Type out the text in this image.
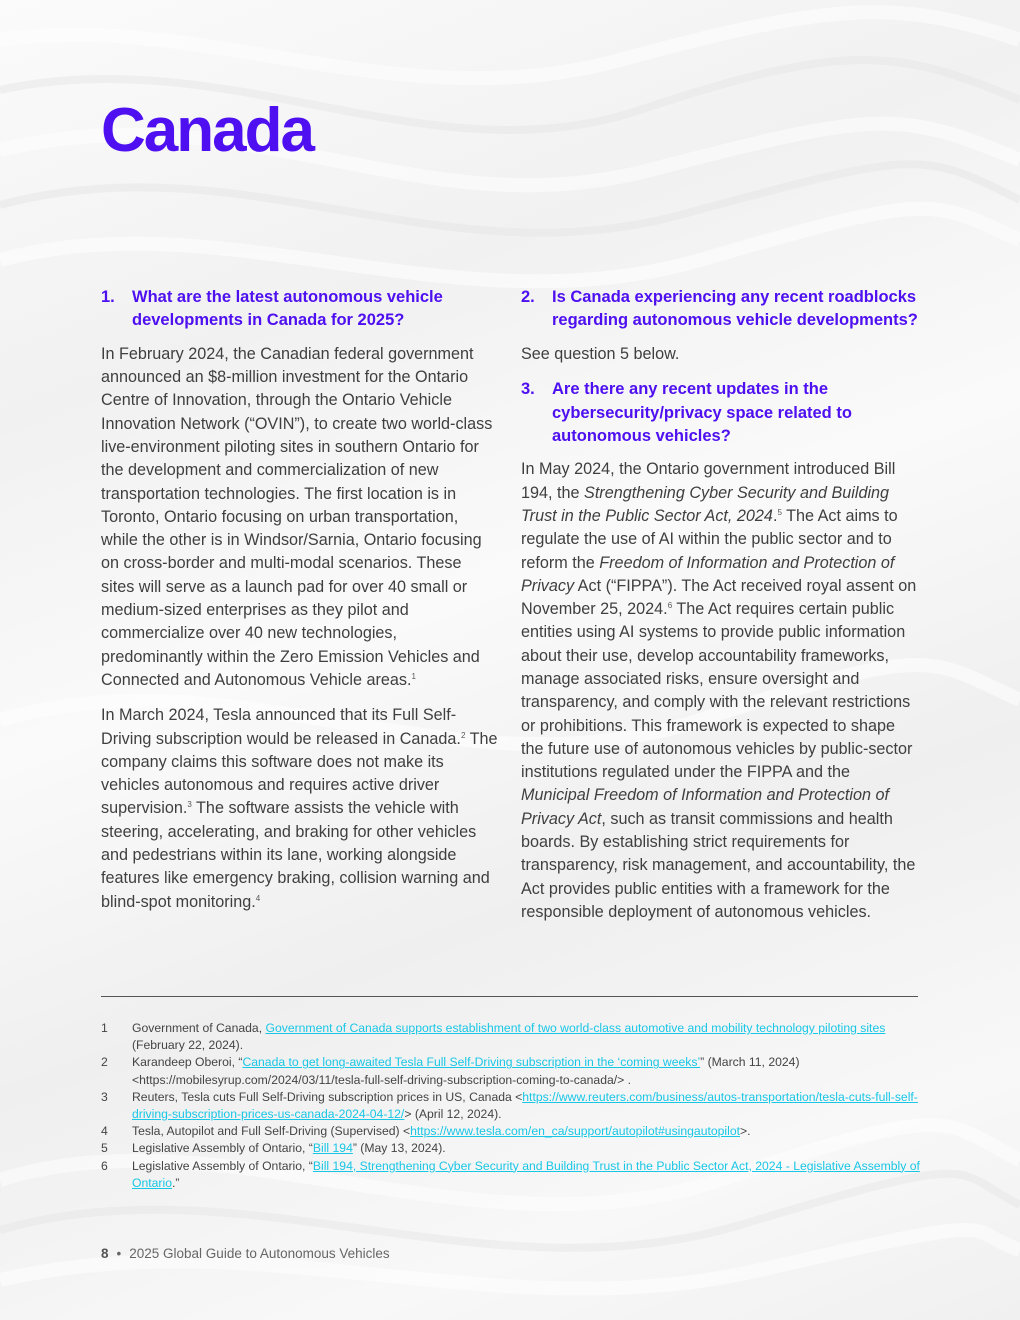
Canada
1.	What are the latest autonomous vehicle developments in Canada for 2025?

In February 2024, the Canadian federal government announced an $8-million investment for the Ontario Centre of Innovation, through the Ontario Vehicle Innovation Network (“OVIN”), to create two world-class live-environment piloting sites in southern Ontario for the development and commercialization of new transportation technologies. The first location is in Toronto, Ontario focusing on urban transportation, while the other is in Windsor/Sarnia, Ontario focusing on cross-border and multi-modal scenarios. These sites will serve as a launch pad for over 40 small or medium-sized enterprises as they pilot and commercialize over 40 new technologies, predominantly within the Zero Emission Vehicles and Connected and Autonomous Vehicle areas.$^1$

In March 2024, Tesla announced that its Full Self-Driving subscription would be released in Canada.$^2$ The company claims this software does not make its vehicles autonomous and requires active driver supervision.$^3$ The software assists the vehicle with steering, accelerating, and braking for other vehicles and pedestrians within its lane, working alongside features like emergency braking, collision warning and blind-spot monitoring.$^4$

2.	Is Canada experiencing any recent roadblocks regarding autonomous vehicle developments?

See question 5 below.

3.	Are there any recent updates in the cybersecurity/privacy space related to autonomous vehicles?

In May 2024, the Ontario government introduced Bill 194, the Strengthening Cyber Security and Building Trust in the Public Sector Act, 2024.$^5$ The Act aims to regulate the use of AI within the public sector and to reform the Freedom of Information and Protection of Privacy Act (“FIPPA”). The Act received royal assent on November 25, 2024.$^6$ The Act requires certain public entities using AI systems to provide public information about their use, develop accountability frameworks, manage associated risks, ensure oversight and transparency, and comply with the relevant restrictions or prohibitions. This framework is expected to shape the future use of autonomous vehicles by public-sector institutions regulated under the FIPPA and the Municipal Freedom of Information and Protection of Privacy Act, such as transit commissions and health boards. By establishing strict requirements for transparency, risk management, and accountability, the Act provides public entities with a framework for the responsible deployment of autonomous vehicles.

1	Government of Canada, Government of Canada supports establishment of two world-class automotive and mobility technology piloting sites (February 22, 2024).
2	Karandeep Oberoi, “Canada to get long-awaited Tesla Full Self-Driving subscription in the ‘coming weeks’” (March 11, 2024) <https://mobilesyrup.com/2024/03/11/tesla-full-self-driving-subscription-coming-to-canada/> .
3	Reuters, Tesla cuts Full Self-Driving subscription prices in US, Canada <https://www.reuters.com/business/autos-transportation/tesla-cuts-full-self-driving-subscription-prices-us-canada-2024-04-12/> (April 12, 2024).
4	Tesla, Autopilot and Full Self-Driving (Supervised) <https://www.tesla.com/en_ca/support/autopilot#usingautopilot>.
5	Legislative Assembly of Ontario, “Bill 194” (May 13, 2024).
6	Legislative Assembly of Ontario, “Bill 194, Strengthening Cyber Security and Building Trust in the Public Sector Act, 2024 - Legislative Assembly of Ontario.”
8 • 2025 Global Guide to Autonomous Vehicles
